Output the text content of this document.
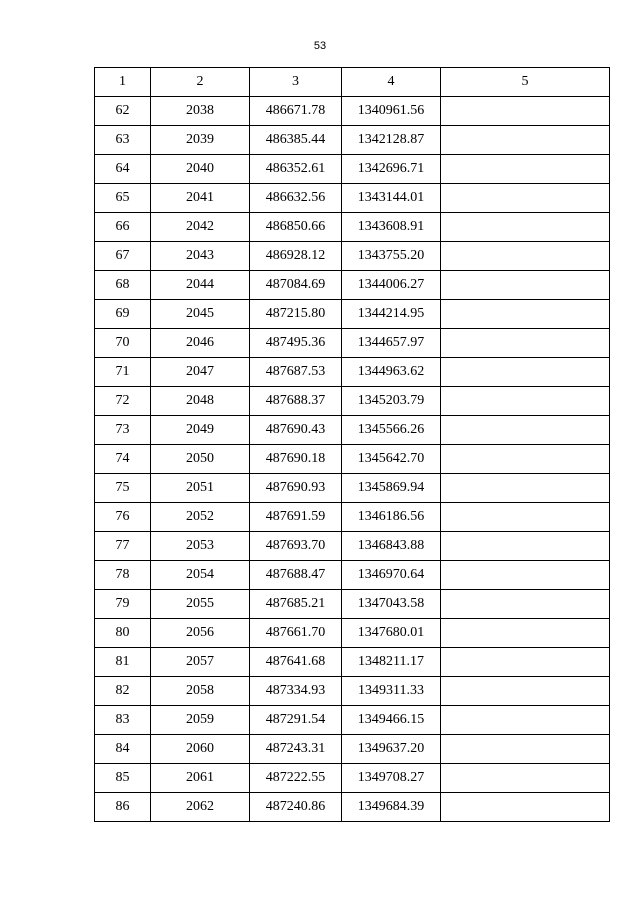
53
1	2	3	4	5
62	2038	486671.78	1340961.56	
63	2039	486385.44	1342128.87	
64	2040	486352.61	1342696.71	
65	2041	486632.56	1343144.01	
66	2042	486850.66	1343608.91	
67	2043	486928.12	1343755.20	
68	2044	487084.69	1344006.27	
69	2045	487215.80	1344214.95	
70	2046	487495.36	1344657.97	
71	2047	487687.53	1344963.62	
72	2048	487688.37	1345203.79	
73	2049	487690.43	1345566.26	
74	2050	487690.18	1345642.70	
75	2051	487690.93	1345869.94	
76	2052	487691.59	1346186.56	
77	2053	487693.70	1346843.88	
78	2054	487688.47	1346970.64	
79	2055	487685.21	1347043.58	
80	2056	487661.70	1347680.01	
81	2057	487641.68	1348211.17	
82	2058	487334.93	1349311.33	
83	2059	487291.54	1349466.15	
84	2060	487243.31	1349637.20	
85	2061	487222.55	1349708.27	
86	2062	487240.86	1349684.39	
